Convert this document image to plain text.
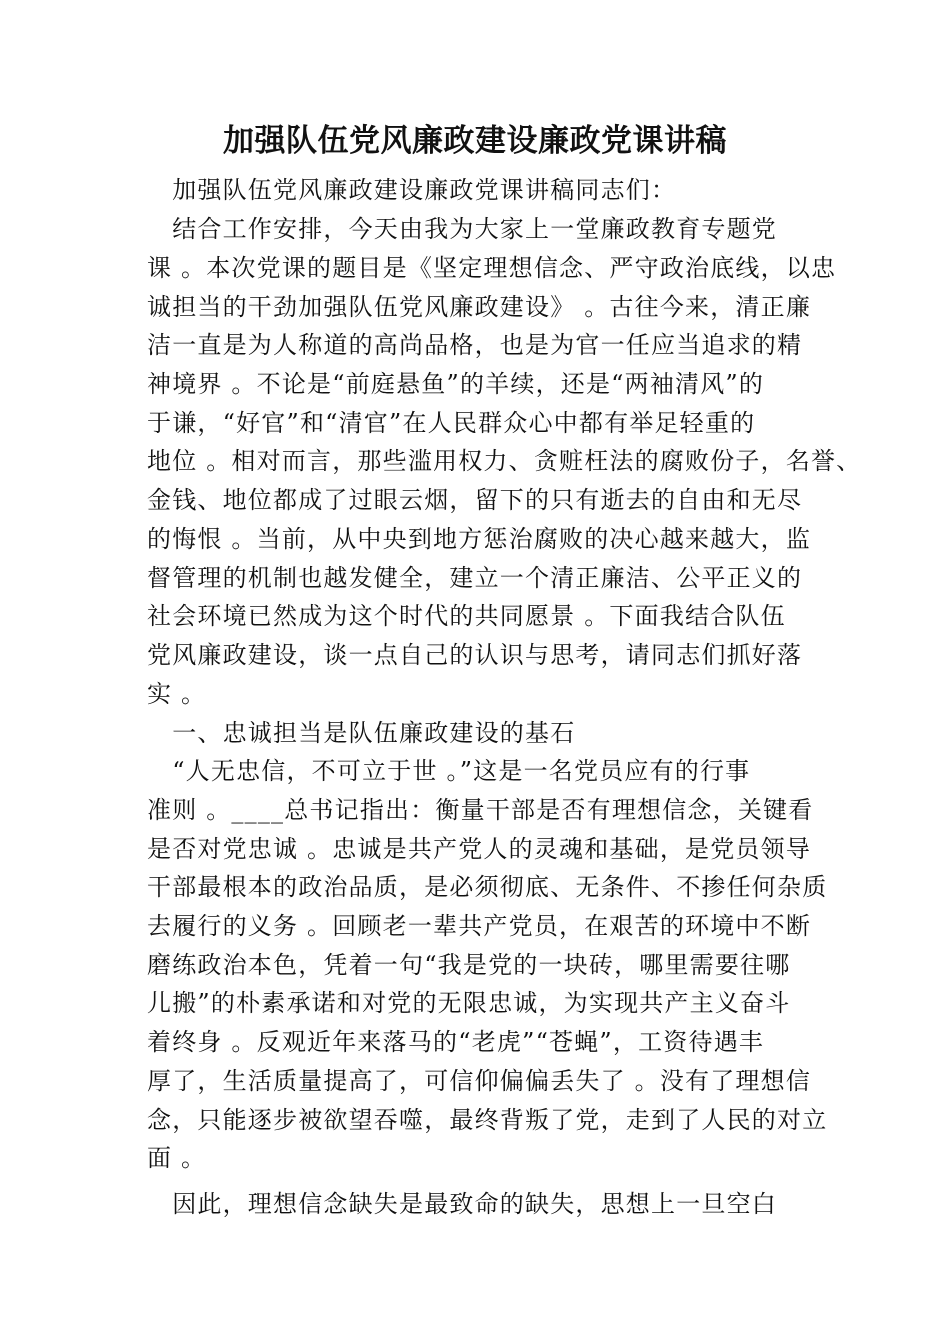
加强队伍党风廉政建设廉政党课讲稿
　加强队伍党风廉政建设廉政党课讲稿同志们：
　结合工作安排，今天由我为大家上一堂廉政教育专题党
课 。本次党课的题目是《坚定理想信念、严守政治底线，以忠
诚担当的干劲加强队伍党风廉政建设》 。古往今来，清正廉
洁一直是为人称道的高尚品格，也是为官一任应当追求的精
神境界 。不论是“前庭悬鱼”的羊续，还是“两袖清风”的
于谦，“好官”和“清官”在人民群众心中都有举足轻重的
地位 。相对而言，那些滥用权力、贪赃枉法的腐败份子，名誉、
金钱、地位都成了过眼云烟，留下的只有逝去的自由和无尽
的悔恨 。当前，从中央到地方惩治腐败的决心越来越大，监
督管理的机制也越发健全，建立一个清正廉洁、公平正义的
社会环境已然成为这个时代的共同愿景 。下面我结合队伍
党风廉政建设，谈一点自己的认识与思考，请同志们抓好落
实 。
　一、忠诚担当是队伍廉政建设的基石
　“人无忠信，不可立于世 。”这是一名党员应有的行事
准则 。____总书记指出：衡量干部是否有理想信念，关键看
是否对党忠诚 。忠诚是共产党人的灵魂和基础，是党员领导
干部最根本的政治品质，是必须彻底、无条件、不掺任何杂质
去履行的义务 。回顾老一辈共产党员，在艰苦的环境中不断
磨练政治本色，凭着一句“我是党的一块砖，哪里需要往哪
儿搬”的朴素承诺和对党的无限忠诚，为实现共产主义奋斗
着终身 。反观近年来落马的“老虎”“苍蝇”，工资待遇丰
厚了，生活质量提高了，可信仰偏偏丢失了 。没有了理想信
念，只能逐步被欲望吞噬，最终背叛了党，走到了人民的对立
面 。
　因此，理想信念缺失是最致命的缺失，思想上一旦空白
